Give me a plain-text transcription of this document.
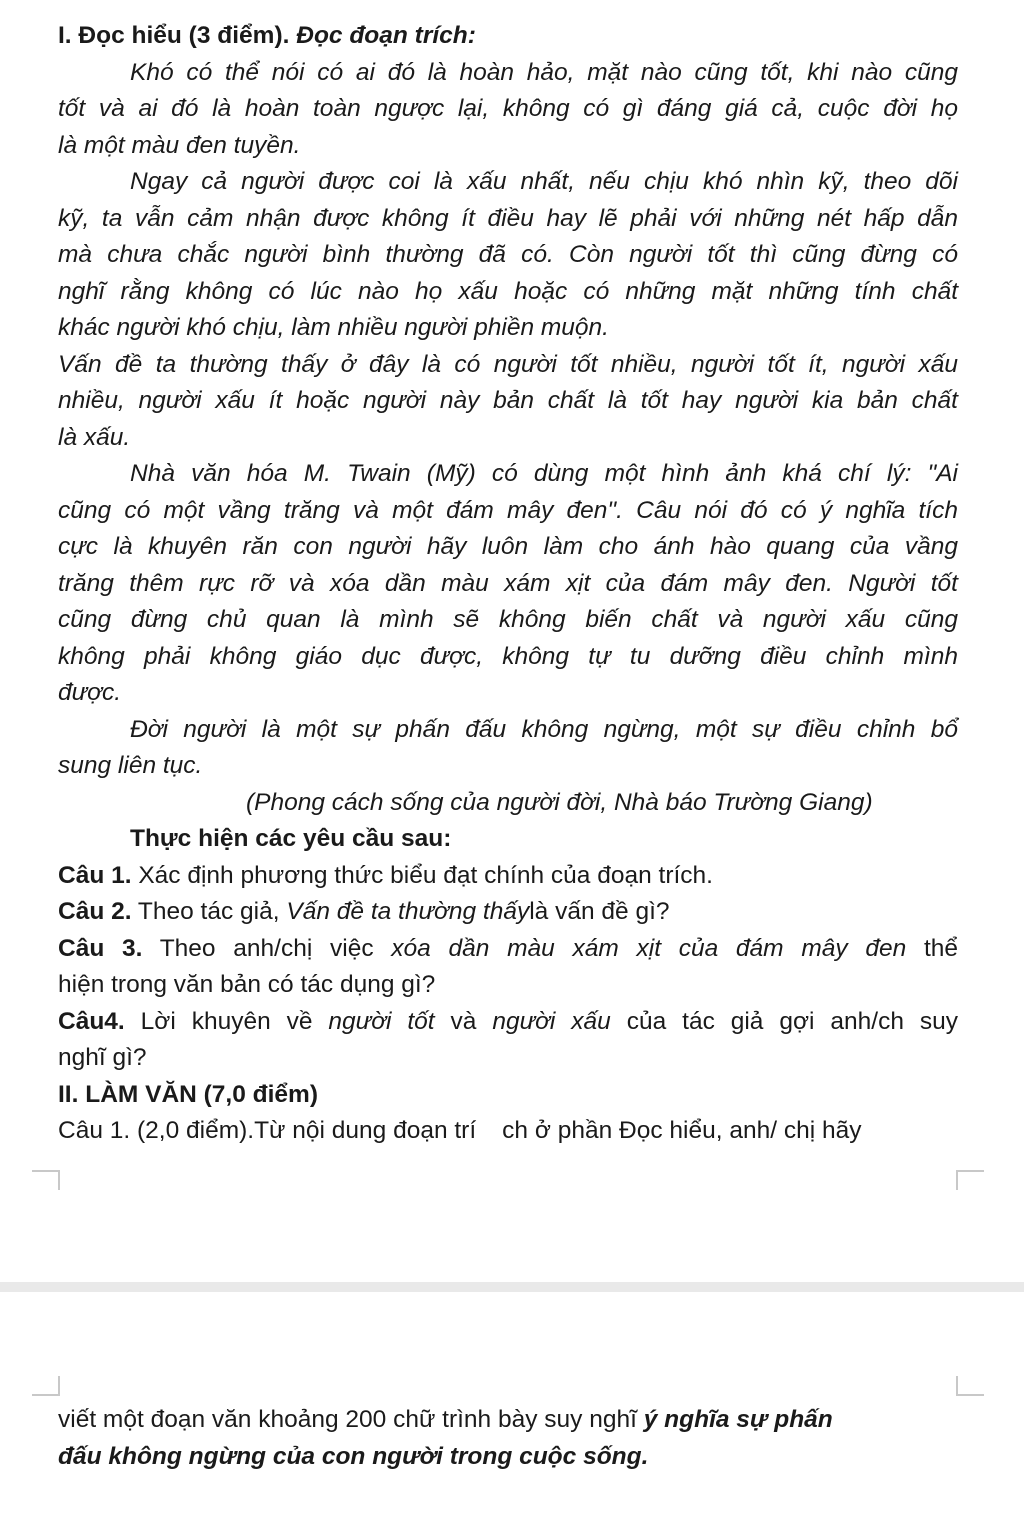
I. Đọc hiểu (3 điểm). Đọc đoạn trích:
Khó có thể nói có ai đó là hoàn hảo, mặt nào cũng tốt, khi nào cũng
tốt và ai đó là hoàn toàn ngược lại, không có gì đáng giá cả, cuộc đời họ
là một màu đen tuyền.
Ngay cả người được coi là xấu nhất, nếu chịu khó nhìn kỹ, theo dõi
kỹ, ta vẫn cảm nhận được không ít điều hay lẽ phải với những nét hấp dẫn
mà chưa chắc người bình thường đã có. Còn người tốt thì cũng đừng có
nghĩ rằng không có lúc nào họ xấu hoặc có những mặt những tính chất
khác người khó chịu, làm nhiều người phiền muộn.
Vấn đề ta thường thấy ở đây là có người tốt nhiều, người tốt ít, người xấu
nhiều, người xấu ít hoặc người này bản chất là tốt hay người kia bản chất
là xấu.
Nhà văn hóa M. Twain (Mỹ) có dùng một hình ảnh khá chí lý: "Ai
cũng có một vầng trăng và một đám mây đen". Câu nói đó có ý nghĩa tích
cực là khuyên răn con người hãy luôn làm cho ánh hào quang của vầng
trăng thêm rực rỡ và xóa dần màu xám xịt của đám mây đen. Người tốt
cũng đừng chủ quan là mình sẽ không biến chất và người xấu cũng
không phải không giáo dục được, không tự tu dưỡng điều chỉnh mình
được.
Đời người là một sự phấn đấu không ngừng, một sự điều chỉnh bổ
sung liên tục.
(Phong cách sống của người đời, Nhà báo Trường Giang)
Thực hiện các yêu cầu sau:
Câu 1. Xác định phương thức biểu đạt chính của đoạn trích.
Câu 2. Theo tác giả, Vấn đề ta thường thấylà vấn đề gì?
Câu 3. Theo anh/chị việc xóa dần màu xám xịt của đám mây đen thể
hiện trong văn bản có tác dụng gì?
Câu4. Lời khuyên về người tốt và người xấu của tác giả gợi anh/ch suy
nghĩ gì?
II. LÀM VĂN (7,0 điểm)
Câu 1. (2,0 điểm).Từ nội dung đoạn trí ch ở phần Đọc hiểu, anh/ chị hãy
viết một đoạn văn khoảng 200 chữ trình bày suy nghĩ ý nghĩa sự phấn
đấu không ngừng của con người trong cuộc sống.
